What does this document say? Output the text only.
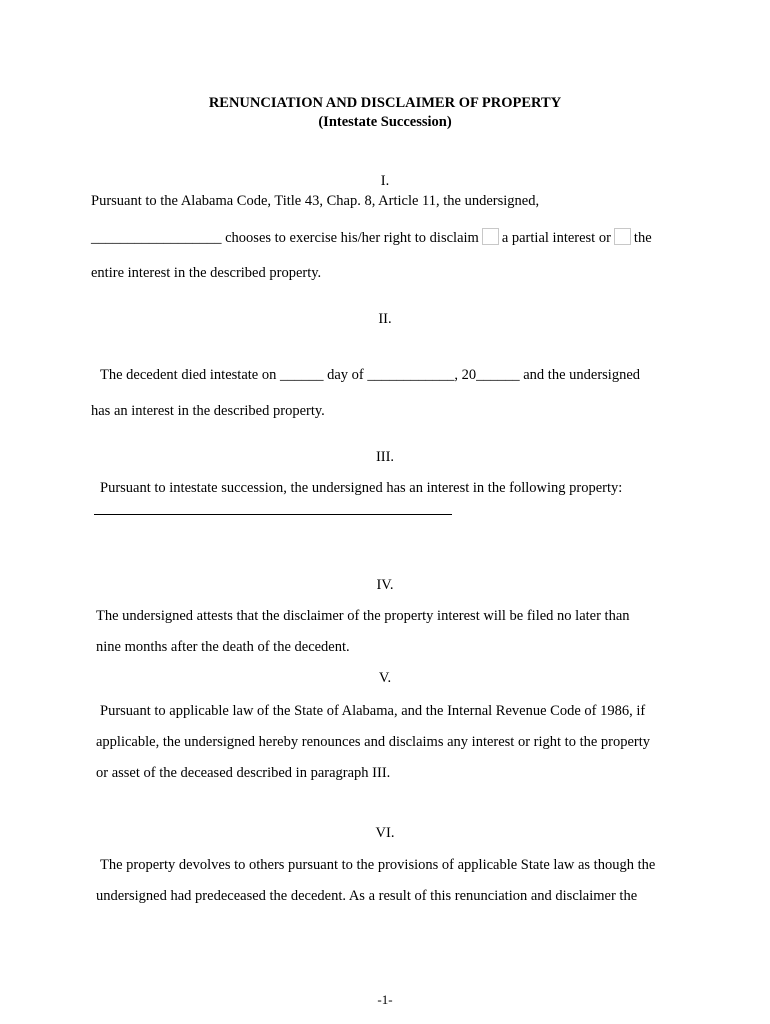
RENUNCIATION AND DISCLAIMER OF PROPERTY
(Intestate Succession)
I.
Pursuant to the Alabama Code, Title 43, Chap. 8, Article 11, the undersigned,
__________________ chooses to exercise his/her right to disclaim a partial interest or the
entire interest in the described property.
II.
The decedent died intestate on ______ day of ____________, 20______ and the undersigned
has an interest in the described property.
III.
Pursuant to intestate succession, the undersigned has an interest in the following property:
IV.
The undersigned attests that the disclaimer of the property interest will be filed no later than
nine months after the death of the decedent.
V.
Pursuant to applicable law of the State of Alabama, and the Internal Revenue Code of 1986, if
applicable, the undersigned hereby renounces and disclaims any interest or right to the property
or asset of the deceased described in paragraph III.
VI.
The property devolves to others pursuant to the provisions of applicable State law as though the
undersigned had predeceased the decedent. As a result of this renunciation and disclaimer the
-1-
